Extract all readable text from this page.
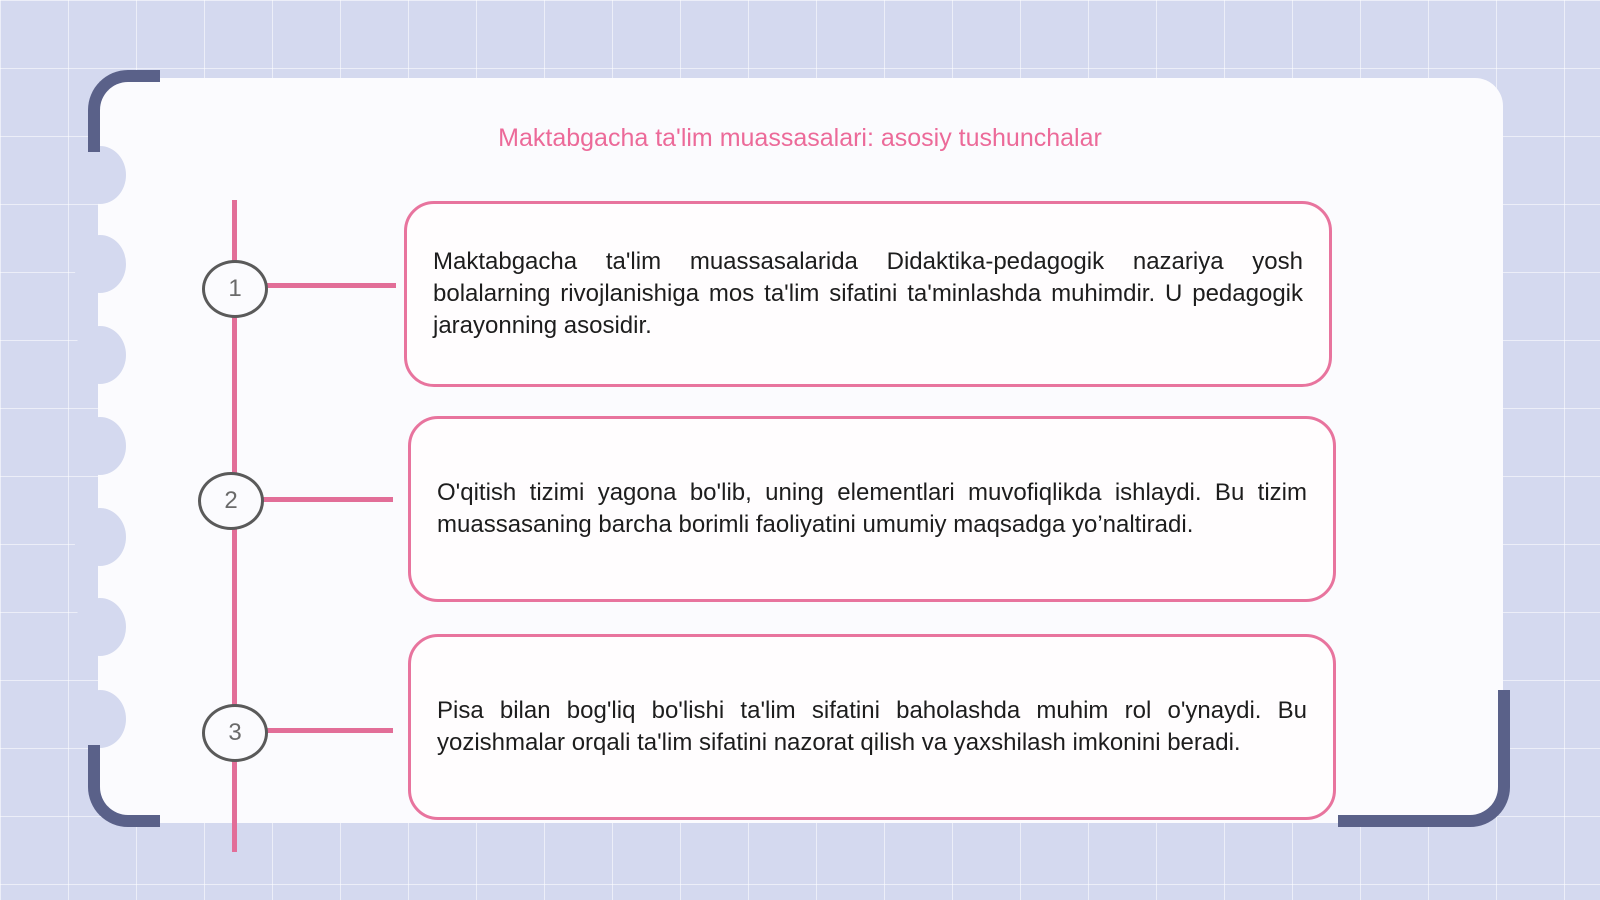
Maktabgacha ta'lim muassasalari: asosiy tushunchalar
1
2
3

Maktabgacha ta'lim muassasalarida Didaktika-pedagogik nazariya yosh bolalarning rivojlanishiga mos ta'lim sifatini ta'minlashda muhimdir. U pedagogik jarayonning asosidir.

O'qitish tizimi yagona bo'lib, uning elementlari muvofiqlikda ishlaydi. Bu tizim muassasaning barcha borimli faoliyatini umumiy maqsadga yo’naltiradi.

Pisa bilan bog'liq bo'lishi ta'lim sifatini baholashda muhim rol o'ynaydi. Bu yozishmalar orqali ta'lim sifatini nazorat qilish va yaxshilash imkonini beradi.
